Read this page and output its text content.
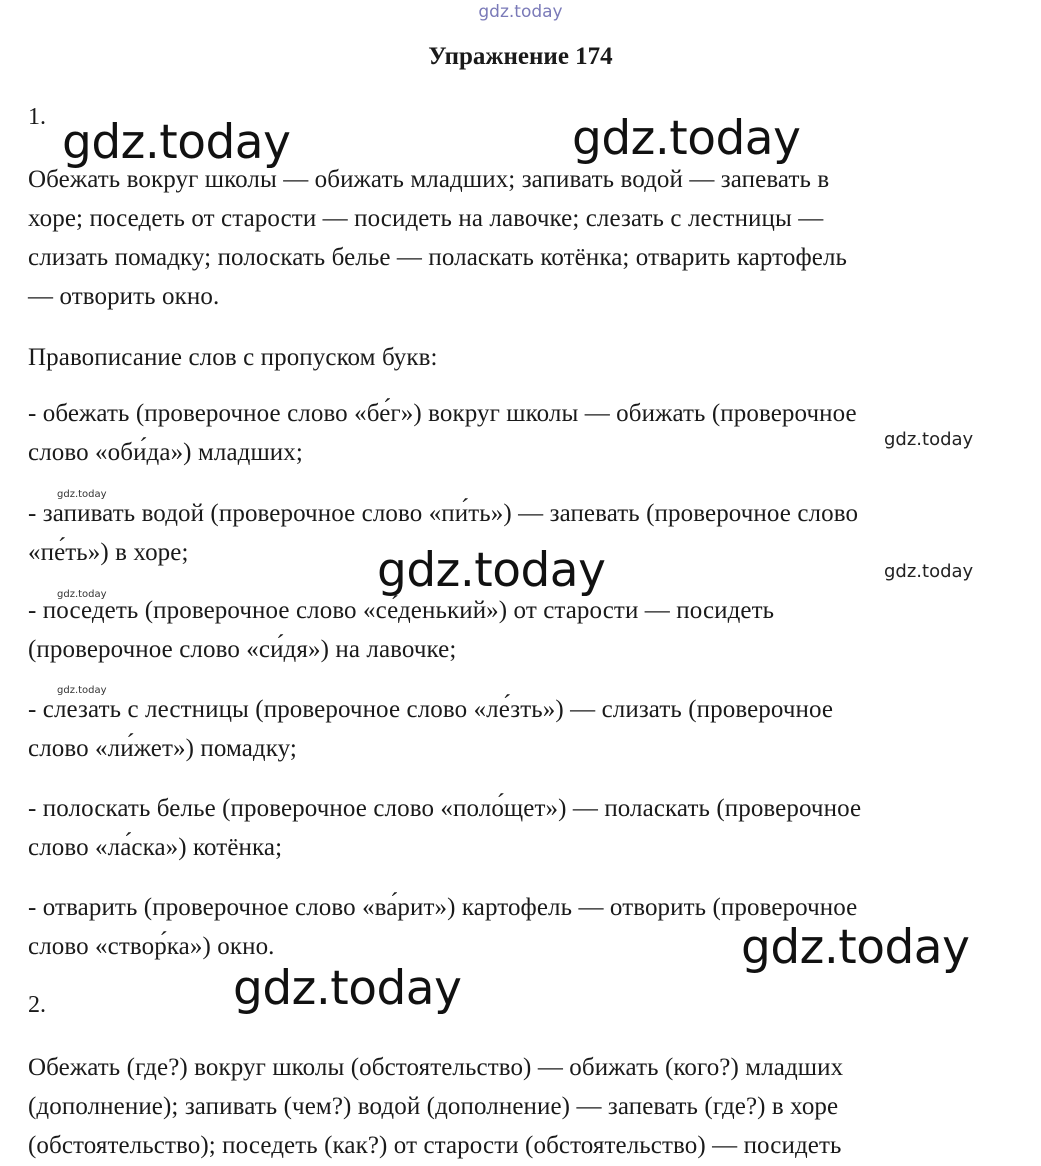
gdz.today
Упражнение 174
1.
Обежать вокруг школы — обижать младших; запивать водой — запевать в
хоре; поседеть от старости — посидеть на лавочке; слезать с лестницы —
слизать помадку; полоскать белье — поласкать котёнка; отварить картофель
— отворить окно.
Правописание слов с пропуском букв:
- обежать (проверочное слово «бе́г») вокруг школы — обижать (проверочное
слово «оби́да») младших;
- запивать водой (проверочное слово «пи́ть») — запевать (проверочное слово
«пе́ть») в хоре;
- поседеть (проверочное слово «се́денький») от старости — посидеть
(проверочное слово «си́дя») на лавочке;
- слезать с лестницы (проверочное слово «ле́зть») — слизать (проверочное
слово «ли́жет») помадку;
- полоскать белье (проверочное слово «поло́щет») — поласкать (проверочное
слово «ла́ска») котёнка;
- отварить (проверочное слово «ва́рит») картофель — отворить (проверочное
слово «створ́ка») окно.
2.
Обежать (где?) вокруг школы (обстоятельство) — обижать (кого?) младших
(дополнение); запивать (чем?) водой (дополнение) — запевать (где?) в хоре
(обстоятельство); поседеть (как?) от старости (обстоятельство) — посидеть
gdz.today	gdz.today
gdz.today
gdz.today
gdz.today
gdz.today
gdz.today
gdz.today
gdz.today
gdz.today
